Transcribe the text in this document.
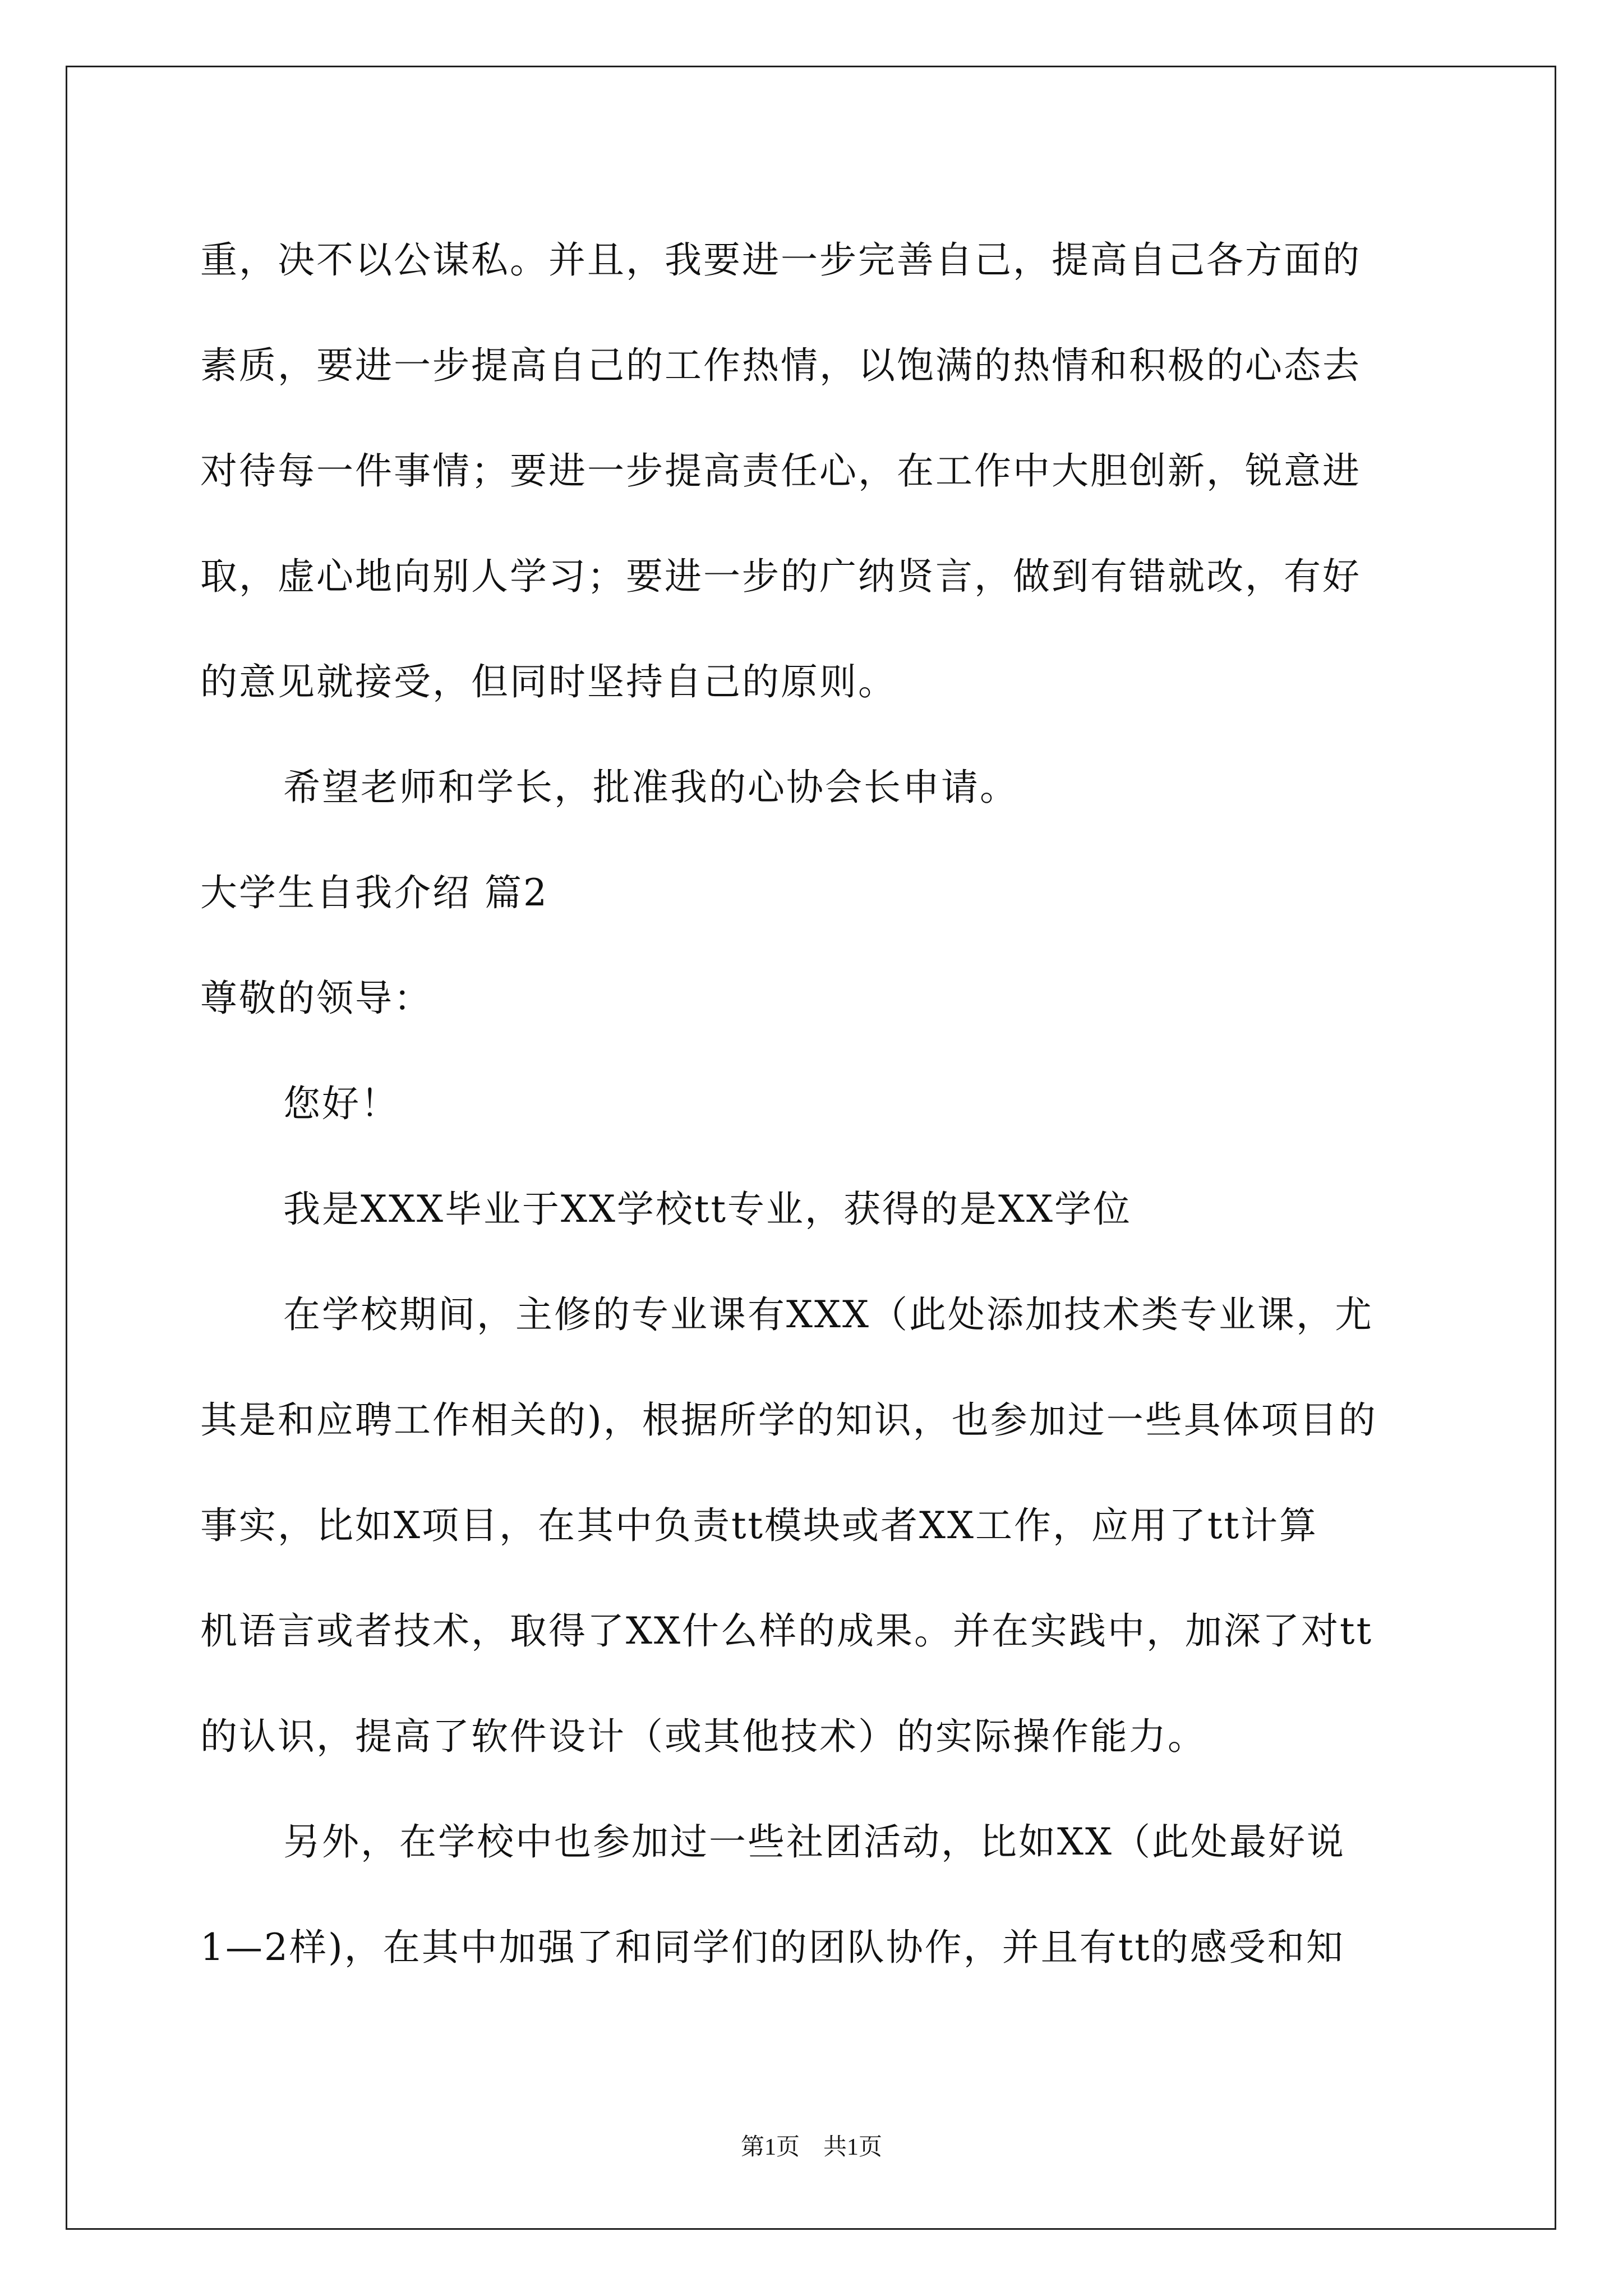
重，决不以公谋私。并且，我要进一步完善自己，提高自己各方面的
素质，要进一步提高自己的工作热情，以饱满的热情和积极的心态去
对待每一件事情；要进一步提高责任心，在工作中大胆创新，锐意进
取，虚心地向别人学习；要进一步的广纳贤言，做到有错就改，有好
的意见就接受，但同时坚持自己的原则。
希望老师和学长，批准我的心协会长申请。
大学生自我介绍 篇2
尊敬的领导：
您好！
我是XXX毕业于XX学校tt专业，获得的是XX学位
在学校期间，主修的专业课有XXX（此处添加技术类专业课，尤
其是和应聘工作相关的)，根据所学的知识，也参加过一些具体项目的
事实，比如X项目，在其中负责tt模块或者XX工作，应用了tt计算
机语言或者技术，取得了XX什么样的成果。并在实践中，加深了对tt
的认识，提高了软件设计（或其他技术）的实际操作能力。
另外，在学校中也参加过一些社团活动，比如XX（此处最好说
1—2样)，在其中加强了和同学们的团队协作，并且有tt的感受和知
第1页　共1页
